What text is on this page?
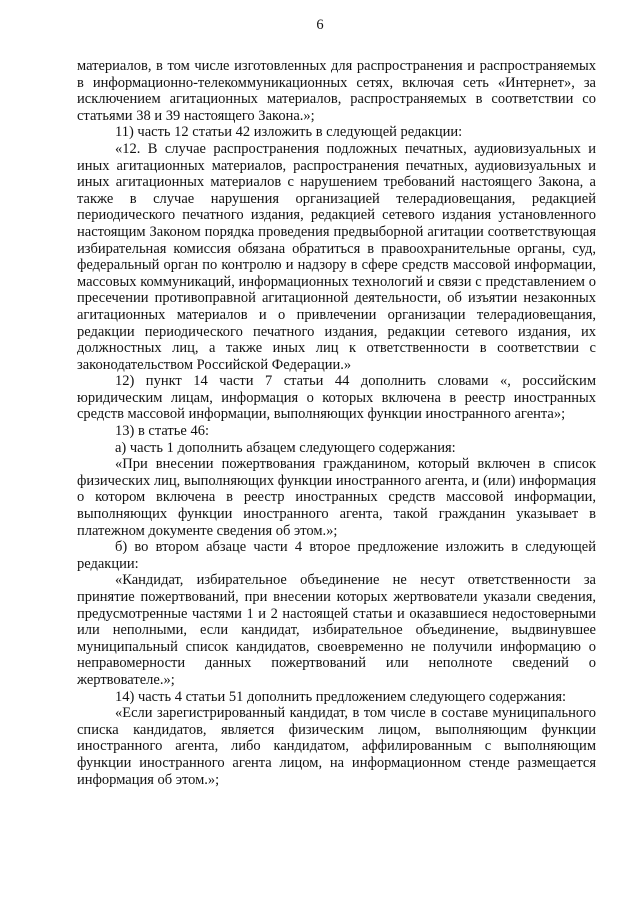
6

материалов, в том числе изготовленных для распространения и распространяемых в информационно-телекоммуникационных сетях, включая сеть «Интернет», за исключением агитационных материалов, распространяемых в соответствии со статьями 38 и 39 настоящего Закона.»;

11) часть 12 статьи 42 изложить в следующей редакции:

«12. В случае распространения подложных печатных, аудиовизуальных и иных агитационных материалов, распространения печатных, аудиовизуальных и иных агитационных материалов с нарушением требований настоящего Закона, а также в случае нарушения организацией телерадиовещания, редакцией периодического печатного издания, редакцией сетевого издания установленного настоящим Законом порядка проведения предвыборной агитации соответствующая избирательная комиссия обязана обратиться в правоохранительные органы, суд, федеральный орган по контролю и надзору в сфере средств массовой информации, массовых коммуникаций, информационных технологий и связи с представлением о пресечении противоправной агитационной деятельности, об изъятии незаконных агитационных материалов и о привлечении организации телерадиовещания, редакции периодического печатного издания, редакции сетевого издания, их должностных лиц, а также иных лиц к ответственности в соответствии с законодательством Российской Федерации.»

12) пункт 14 части 7 статьи 44 дополнить словами «, российским юридическим лицам, информация о которых включена в реестр иностранных средств массовой информации, выполняющих функции иностранного агента»;

13) в статье 46:

а) часть 1 дополнить абзацем следующего содержания:

«При внесении пожертвования гражданином, который включен в список физических лиц, выполняющих функции иностранного агента, и (или) информация о котором включена в реестр иностранных средств массовой информации, выполняющих функции иностранного агента, такой гражданин указывает в платежном документе сведения об этом.»;

б) во втором абзаце части 4 второе предложение изложить в следующей редакции:

«Кандидат, избирательное объединение не несут ответственности за принятие пожертвований, при внесении которых жертвователи указали сведения, предусмотренные частями 1 и 2 настоящей статьи и оказавшиеся недостоверными или неполными, если кандидат, избирательное объединение, выдвинувшее муниципальный список кандидатов, своевременно не получили информацию о неправомерности данных пожертвований или неполноте сведений о жертвователе.»;

14) часть 4 статьи 51 дополнить предложением следующего содержания:

«Если зарегистрированный кандидат, в том числе в составе муниципального списка кандидатов, является физическим лицом, выполняющим функции иностранного агента, либо кандидатом, аффилированным с выполняющим функции иностранного агента лицом, на информационном стенде размещается информация об этом.»;
